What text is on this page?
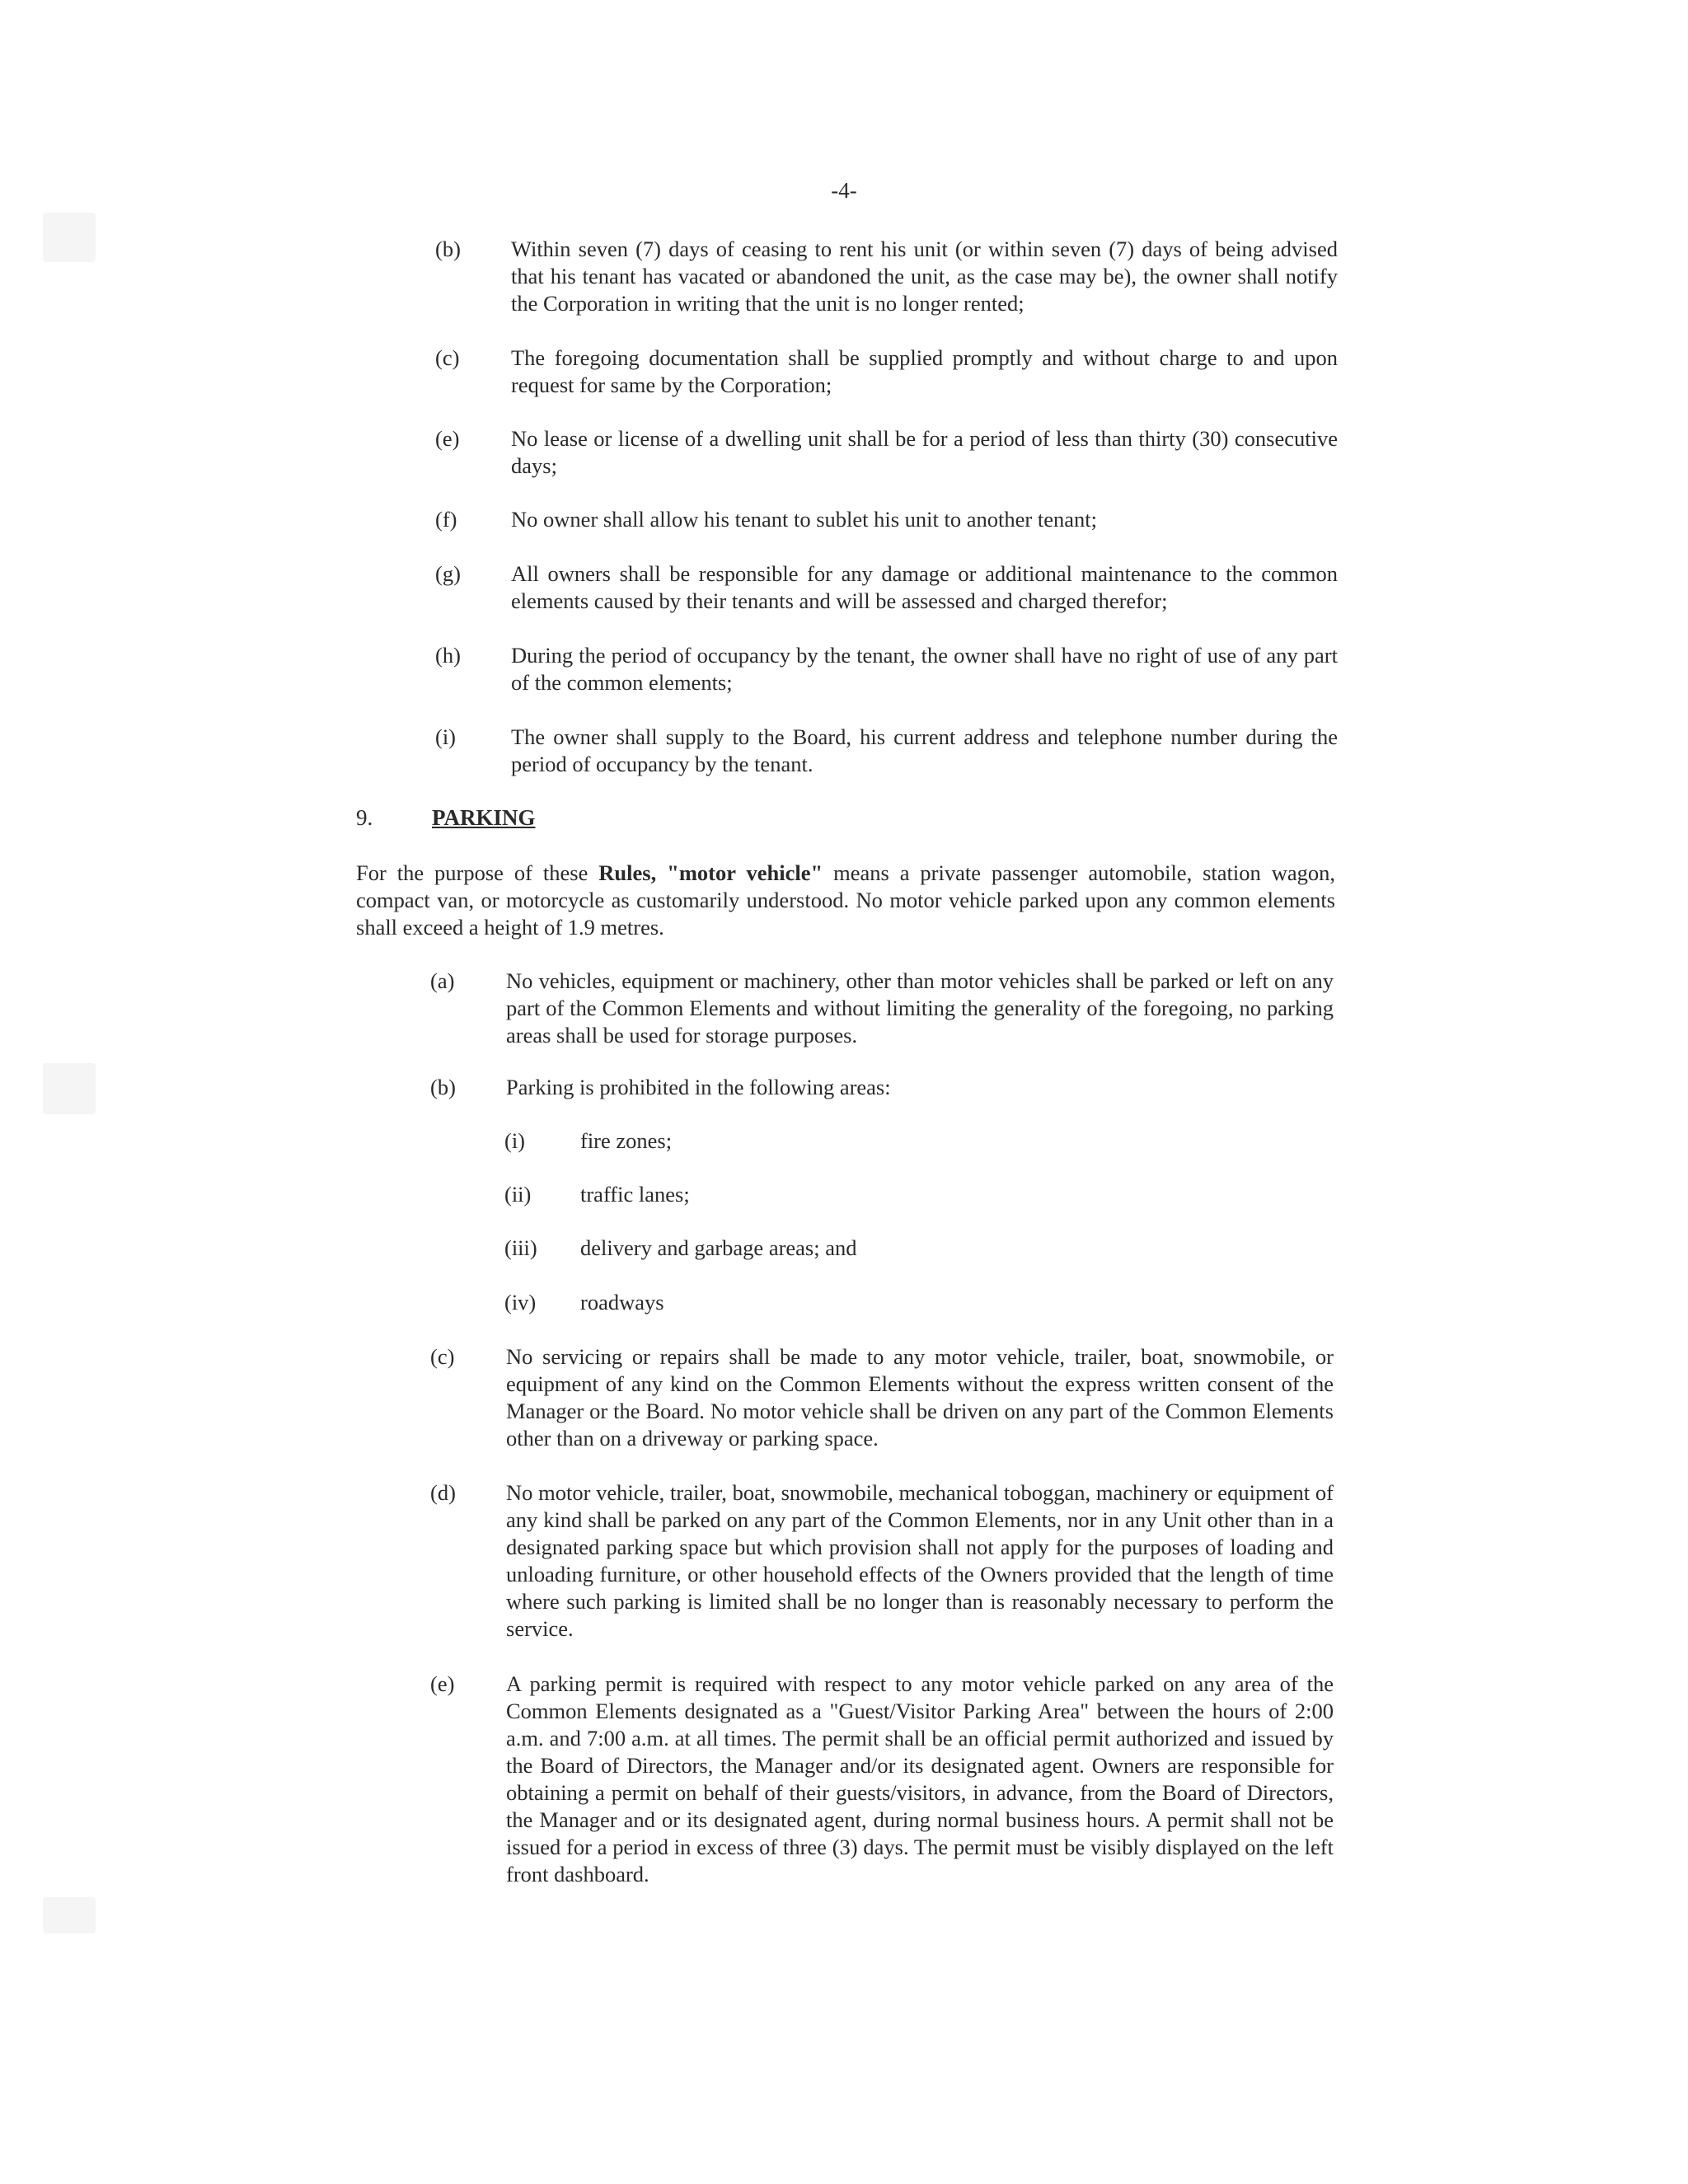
-4-
(b) Within seven (7) days of ceasing to rent his unit (or within seven (7) days of being advised that his tenant has vacated or abandoned the unit, as the case may be), the owner shall notify the Corporation in writing that the unit is no longer rented;
(c) The foregoing documentation shall be supplied promptly and without charge to and upon request for same by the Corporation;
(e) No lease or license of a dwelling unit shall be for a period of less than thirty (30) consecutive days;
(f) No owner shall allow his tenant to sublet his unit to another tenant;
(g) All owners shall be responsible for any damage or additional maintenance to the common elements caused by their tenants and will be assessed and charged therefor;
(h) During the period of occupancy by the tenant, the owner shall have no right of use of any part of the common elements;
(i)	The owner shall supply to the Board, his current address and telephone number during the period of occupancy by the tenant.
9.	PARKING
For the purpose of these Rules, "motor vehicle" means a private passenger automobile, station wagon, compact van, or motorcycle as customarily understood. No motor vehicle parked upon any common elements shall exceed a height of 1.9 metres.
(a) No vehicles, equipment or machinery, other than motor vehicles shall be parked or left on any part of the Common Elements and without limiting the generality of the foregoing, no parking areas shall be used for storage purposes.
(b) Parking is prohibited in the following areas:
(i)	fire zones;
(ii) traffic lanes;
(iii) delivery and garbage areas; and
(iv) roadways
(c) No servicing or repairs shall be made to any motor vehicle, trailer, boat, snowmobile, or equipment of any kind on the Common Elements without the express written consent of the Manager or the Board. No motor vehicle shall be driven on any part of the Common Elements other than on a driveway or parking space.
(d) No motor vehicle, trailer, boat, snowmobile, mechanical toboggan, machinery or equipment of any kind shall be parked on any part of the Common Elements, nor in any Unit other than in a designated parking space but which provision shall not apply for the purposes of loading and unloading furniture, or other household effects of the Owners provided that the length of time where such parking is limited shall be no longer than is reasonably necessary to perform the service.
(e) A parking permit is required with respect to any motor vehicle parked on any area of the Common Elements designated as a "Guest/Visitor Parking Area" between the hours of 2:00 a.m. and 7:00 a.m. at all times. The permit shall be an official permit authorized and issued by the Board of Directors, the Manager and/or its designated agent. Owners are responsible for obtaining a permit on behalf of their guests/visitors, in advance, from the Board of Directors, the Manager and or its designated agent, during normal business hours. A permit shall not be issued for a period in excess of three (3) days. The permit must be visibly displayed on the left front dashboard.
